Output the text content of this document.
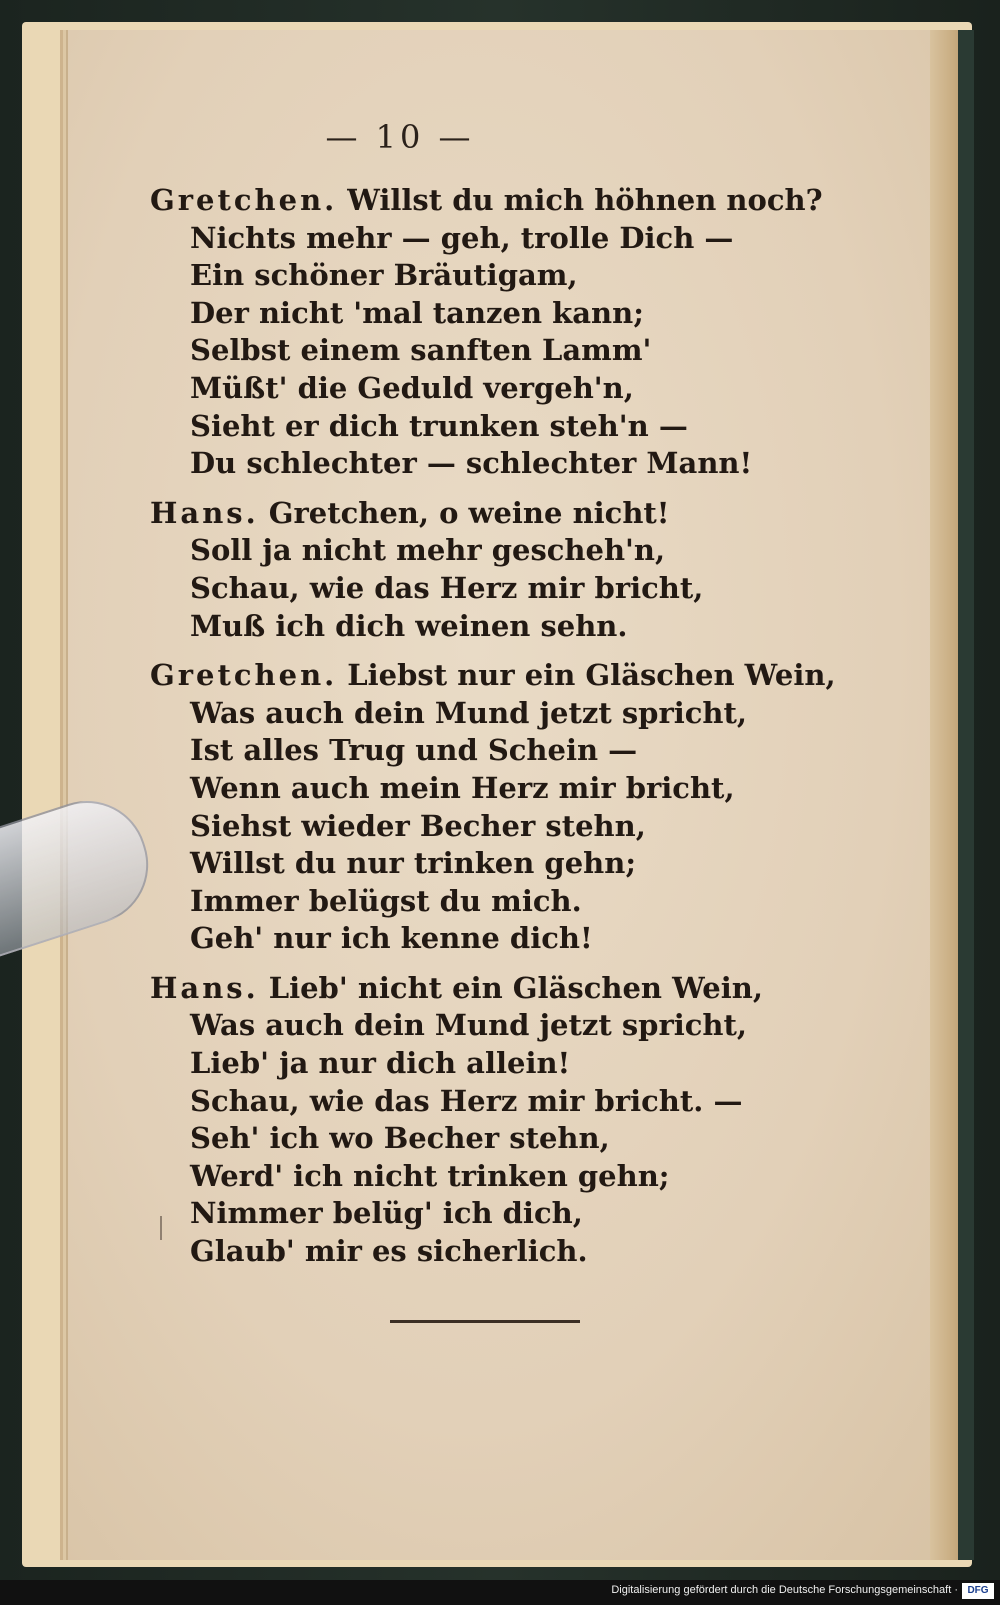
— 10 —
Gretchen. Willst du mich höhnen noch?
Nichts mehr — geh, trolle Dich —
Ein schöner Bräutigam,
Der nicht 'mal tanzen kann;
Selbst einem sanften Lamm'
Müßt' die Geduld vergeh'n,
Sieht er dich trunken steh'n —
Du schlechter — schlechter Mann!
Hans. Gretchen, o weine nicht!
Soll ja nicht mehr gescheh'n,
Schau, wie das Herz mir bricht,
Muß ich dich weinen sehn.
Gretchen. Liebst nur ein Gläschen Wein,
Was auch dein Mund jetzt spricht,
Ist alles Trug und Schein —
Wenn auch mein Herz mir bricht,
Siehst wieder Becher stehn,
Willst du nur trinken gehn;
Immer belügst du mich.
Geh' nur ich kenne dich!
Hans. Lieb' nicht ein Gläschen Wein,
Was auch dein Mund jetzt spricht,
Lieb' ja nur dich allein!
Schau, wie das Herz mir bricht. —
Seh' ich wo Becher stehn,
Werd' ich nicht trinken gehn;
Nimmer belüg' ich dich,
Glaub' mir es sicherlich.
Digitalisierung gefördert durch die Deutsche Forschungsgemeinschaft · DFG
